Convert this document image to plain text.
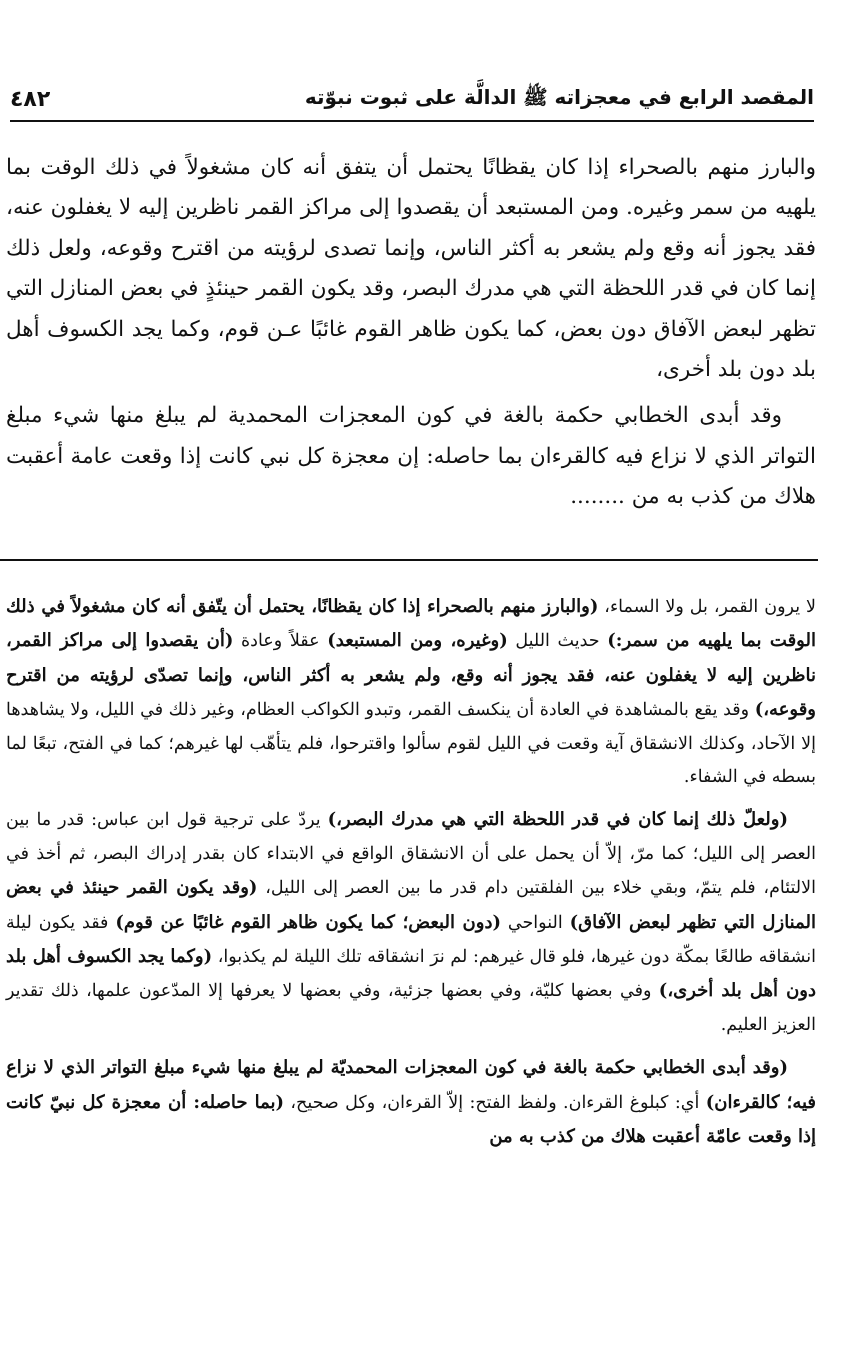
٤٨٢	المقصد الرابع في معجزاته ﷺ الدالَّة على ثبوت نبوّته

والبارز منهم بالصحراء إذا كان يقظانًا يحتمل أن يتفق أنه كان مشغولاً في ذلك الوقت بما يلهيه من سمر وغيره. ومن المستبعد أن يقصدوا إلى مراكز القمر ناظرين إليه لا يغفلون عنه، فقد يجوز أنه وقع ولم يشعر به أكثر الناس، وإنما تصدى لرؤيته من اقترح وقوعه، ولعل ذلك إنما كان في قدر اللحظة التي هي مدرك البصر، وقد يكون القمر حينئذٍ في بعض المنازل التي تظهر لبعض الآفاق دون بعض، كما يكون ظاهر القوم غائبًا عـن قوم، وكما يجد الكسوف أهل بلد دون بلد أخرى،

وقد أبدى الخطابي حكمة بالغة في كون المعجزات المحمدية لم يبلغ منها شيء مبلغ التواتر الذي لا نزاع فيه كالقرءان بما حاصله: إن معجزة كل نبي كانت إذا وقعت عامة أعقبت هلاك من كذب به من ........

لا يرون القمر، بل ولا السماء، (والبارز منهم بالصحراء إذا كان يقظانًا، يحتمل أن يتّفق أنه كان مشغولاً في ذلك الوقت بما يلهيه من سمر:) حديث الليل (وغيره، ومن المستبعد) عقلاً وعادة (أن يقصدوا إلى مراكز القمر، ناظرين إليه لا يغفلون عنه، فقد يجوز أنه وقع، ولم يشعر به أكثر الناس، وإنما تصدّى لرؤيته من اقترح وقوعه،) وقد يقع بالمشاهدة في العادة أن ينكسف القمر، وتبدو الكواكب العظام، وغير ذلك في الليل، ولا يشاهدها إلا الآحاد، وكذلك الانشقاق آية وقعت في الليل لقوم سألوا واقترحوا، فلم يتأهّب لها غيرهم؛ كما في الفتح، تبعًا لما بسطه في الشفاء.

(ولعلّ ذلك إنما كان في قدر اللحظة التي هي مدرك البصر،) يردّ على ترجية قول ابن عباس: قدر ما بين العصر إلى الليل؛ كما مرّ، إلاّ أن يحمل على أن الانشقاق الواقع في الابتداء كان بقدر إدراك البصر، ثم أخذ في الالتئام، فلم يتمّ، وبقي خلاء بين الفلقتين دام قدر ما بين العصر إلى الليل، (وقد يكون القمر حينئذ في بعض المنازل التي تظهر لبعض الآفاق) النواحي (دون البعض؛ كما يكون ظاهر القوم غائبًا عن قوم) فقد يكون ليلة انشقاقه طالعًا بمكّة دون غيرها، فلو قال غيرهم: لم نرَ انشقاقه تلك الليلة لم يكذبوا، (وكما يجد الكسوف أهل بلد دون أهل بلد أخرى،) وفي بعضها كليّة، وفي بعضها جزئية، وفي بعضها لا يعرفها إلا المدّعون علمها، ذلك تقدير العزيز العليم.

(وقد أبدى الخطابي حكمة بالغة في كون المعجزات المحمديّة لم يبلغ منها شيء مبلغ التواتر الذي لا نزاع فيه؛ كالقرءان) أي: كبلوغ القرءان. ولفظ الفتح: إلاّ القرءان، وكل صحيح، (بما حاصله: أن معجزة كل نبيّ كانت إذا وقعت عامّة أعقبت هلاك من كذب به من
